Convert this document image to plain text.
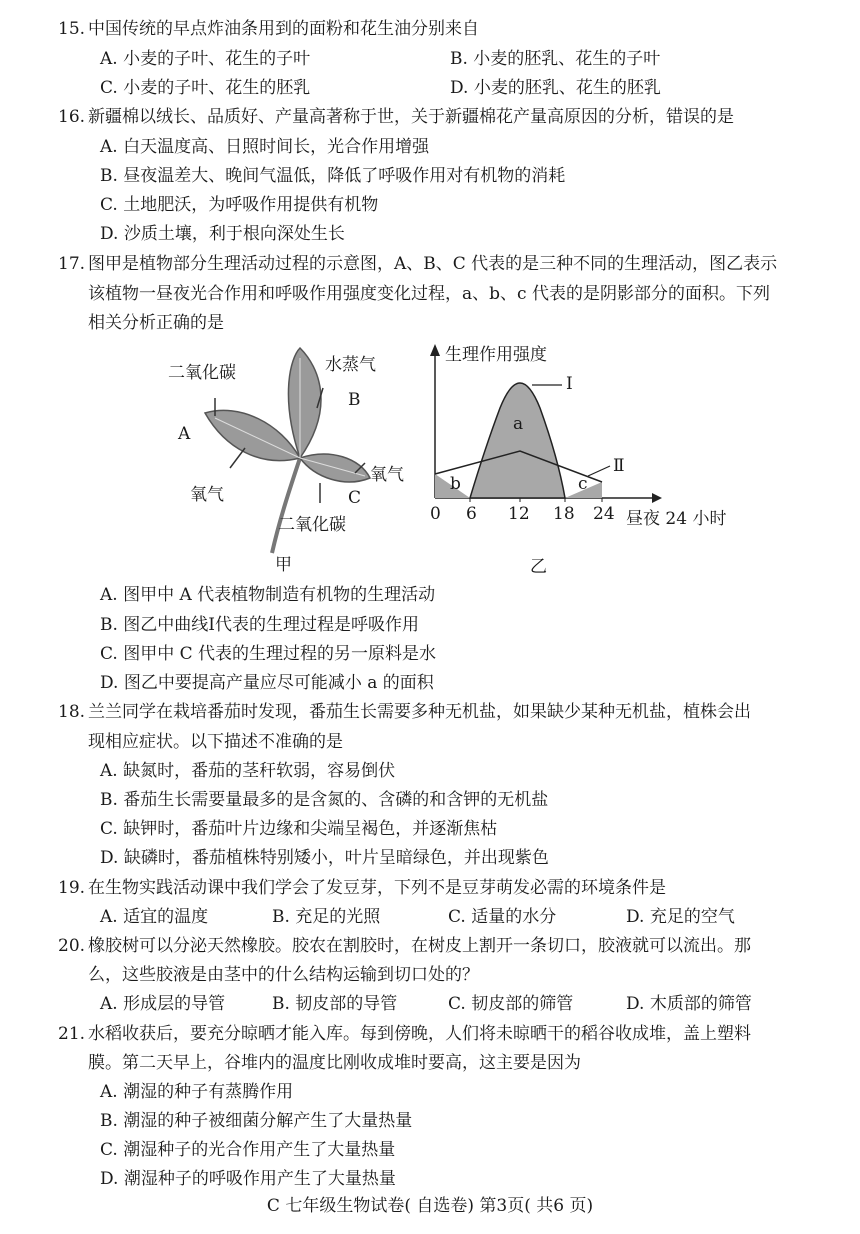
15. 中国传统的早点炸油条用到的面粉和花生油分别来自
A. 小麦的子叶、花生的子叶	B. 小麦的胚乳、花生的子叶
C. 小麦的子叶、花生的胚乳	D. 小麦的胚乳、花生的胚乳
16. 新疆棉以绒长、品质好、产量高著称于世，关于新疆棉花产量高原因的分析，错误的是
A. 白天温度高、日照时间长，光合作用增强
B. 昼夜温差大、晚间气温低，降低了呼吸作用对有机物的消耗
C. 土地肥沃，为呼吸作用提供有机物
D. 沙质土壤，利于根向深处生长
17. 图甲是植物部分生理活动过程的示意图，A、B、C 代表的是三种不同的生理活动，图乙表示
该植物一昼夜光合作用和呼吸作用强度变化过程，a、b、c 代表的是阴影部分的面积。下列
相关分析正确的是
二氧化碳	水蒸气
B
A
氧气
氧气
C
二氧化碳
甲
生理作用强度
Ⅰ
a
b	c
Ⅱ
0 6 12 18 24 昼夜 24 小时
乙
A. 图甲中 A 代表植物制造有机物的生理活动
B. 图乙中曲线Ⅰ代表的生理过程是呼吸作用
C. 图甲中 C 代表的生理过程的另一原料是水
D. 图乙中要提高产量应尽可能减小 a 的面积
18. 兰兰同学在栽培番茄时发现，番茄生长需要多种无机盐，如果缺少某种无机盐，植株会出
现相应症状。以下描述不准确的是
A. 缺氮时，番茄的茎秆软弱，容易倒伏
B. 番茄生长需要量最多的是含氮的、含磷的和含钾的无机盐
C. 缺钾时，番茄叶片边缘和尖端呈褐色，并逐渐焦枯
D. 缺磷时，番茄植株特别矮小，叶片呈暗绿色，并出现紫色
19. 在生物实践活动课中我们学会了发豆芽，下列不是豆芽萌发必需的环境条件是
A. 适宜的温度	B. 充足的光照	C. 适量的水分	D. 充足的空气
20. 橡胶树可以分泌天然橡胶。胶农在割胶时，在树皮上割开一条切口，胶液就可以流出。那
么，这些胶液是由茎中的什么结构运输到切口处的？
A. 形成层的导管	B. 韧皮部的导管	C. 韧皮部的筛管	D. 木质部的筛管
21. 水稻收获后，要充分晾晒才能入库。每到傍晚，人们将未晾晒干的稻谷收成堆，盖上塑料
膜。第二天早上，谷堆内的温度比刚收成堆时要高，这主要是因为
A. 潮湿的种子有蒸腾作用
B. 潮湿的种子被细菌分解产生了大量热量
C. 潮湿种子的光合作用产生了大量热量
D. 潮湿种子的呼吸作用产生了大量热量
C 七年级生物试卷( 自选卷) 第3页( 共6 页)
